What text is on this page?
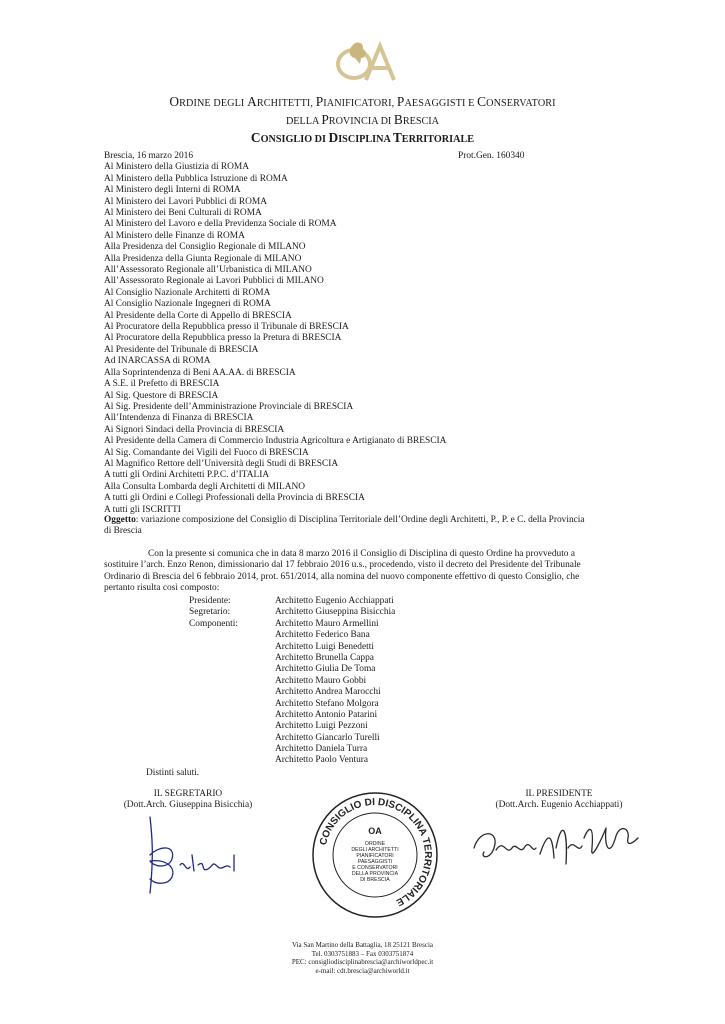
ORDINE DEGLI ARCHITETTI, PIANIFICATORI, PAESAGGISTI E CONSERVATORI
DELLA PROVINCIA DI BRESCIA
CONSIGLIO DI DISCIPLINA TERRITORIALE
Brescia, 16 marzo 2016	Prot.Gen. 160340
Al Ministero della Giustizia di ROMA
Al Ministero della Pubblica Istruzione di ROMA
Al Ministero degli Interni di ROMA
Al Ministero dei Lavori Pubblici di ROMA
Al Ministero dei Beni Culturali di ROMA
Al Ministero del Lavoro e della Previdenza Sociale di ROMA
Al Ministero delle Finanze di ROMA
Alla Presidenza del Consiglio Regionale di MILANO
Alla Presidenza della Giunta Regionale di MILANO
All’Assessorato Regionale all’Urbanistica di MILANO
All’Assessorato Regionale ai Lavori Pubblici di MILANO
Al Consiglio Nazionale Architetti di ROMA
Al Consiglio Nazionale Ingegneri di ROMA
Al Presidente della Corte di Appello di BRESCIA
Al Procuratore della Repubblica presso il Tribunale di BRESCIA
Al Procuratore della Repubblica presso la Pretura di BRESCIA
Al Presidente del Tribunale di BRESCIA
Ad INARCASSA di ROMA
Alla Soprintendenza di Beni AA.AA. di BRESCIA
A S.E. il Prefetto di BRESCIA
Al Sig. Questore di BRESCIA
Al Sig. Presidente dell’Amministrazione Provinciale di BRESCIA
All’Intendenza di Finanza di BRESCIA
Ai Signori Sindaci della Provincia di BRESCIA
Al Presidente della Camera di Commercio Industria Agricoltura e Artigianato di BRESCIA
Al Sig. Comandante dei Vigili del Fuoco di BRESCIA
Al Magnifico Rettore dell’Università degli Studi di BRESCIA
A tutti gli Ordini Architetti P.P.C. d’ITALIA
Alla Consulta Lombarda degli Architetti di MILANO
A tutti gli Ordini e Collegi Professionali della Provincia di BRESCIA
A tutti gli ISCRITTI
Oggetto: variazione composizione del Consiglio di Disciplina Territoriale dell’Ordine degli Architetti, P., P. e C. della Provincia di Brescia
Con la presente si comunica che in data 8 marzo 2016 il Consiglio di Disciplina di questo Ordine ha provveduto a sostituire l’arch. Enzo Renon, dimissionario dal 17 febbraio 2016 u.s., procedendo, visto il decreto del Presidente del Tribunale Ordinario di Brescia del 6 febbraio 2014, prot. 651/2014, alla nomina del nuovo componente effettivo di questo Consiglio, che pertanto risulta così composto:
Presidente:	Architetto Eugenio Acchiappati
Segretario:	Architetto Giuseppina Bisicchia
Componenti:	Architetto Mauro Armellini
Architetto Federico Bana
Architetto Luigi Benedetti
Architetto Brunella Cappa
Architetto Giulia De Toma
Architetto Mauro Gobbi
Architetto Andrea Marocchi
Architetto Stefano Molgora
Architetto Antonio Patarini
Architetto Luigi Pezzoni
Architetto Giancarlo Turelli
Architetto Daniela Turra
Architetto Paolo Ventura
Distinti saluti.
IL SEGRETARIO
(Dott.Arch. Giuseppina Bisicchia)
IL PRESIDENTE
(Dott.Arch. Eugenio Acchiappati)
CONSIGLIO DI DISCIPLINA TERRITORIALE
OA
ORDINE
DEGLI ARCHITETTI
PIANIFICATORI
PAESAGGISTI
E CONSERVATORI
DELLA PROVINCIA
DI BRESCIA
Via San Martino della Battaglia, 18 25121 Brescia
Tel. 0303751883 – Fax 0303751874
PEC: consigliodisciplinabrescia@archiworldpec.it
e-mail: cdt.brescia@archiworld.it
